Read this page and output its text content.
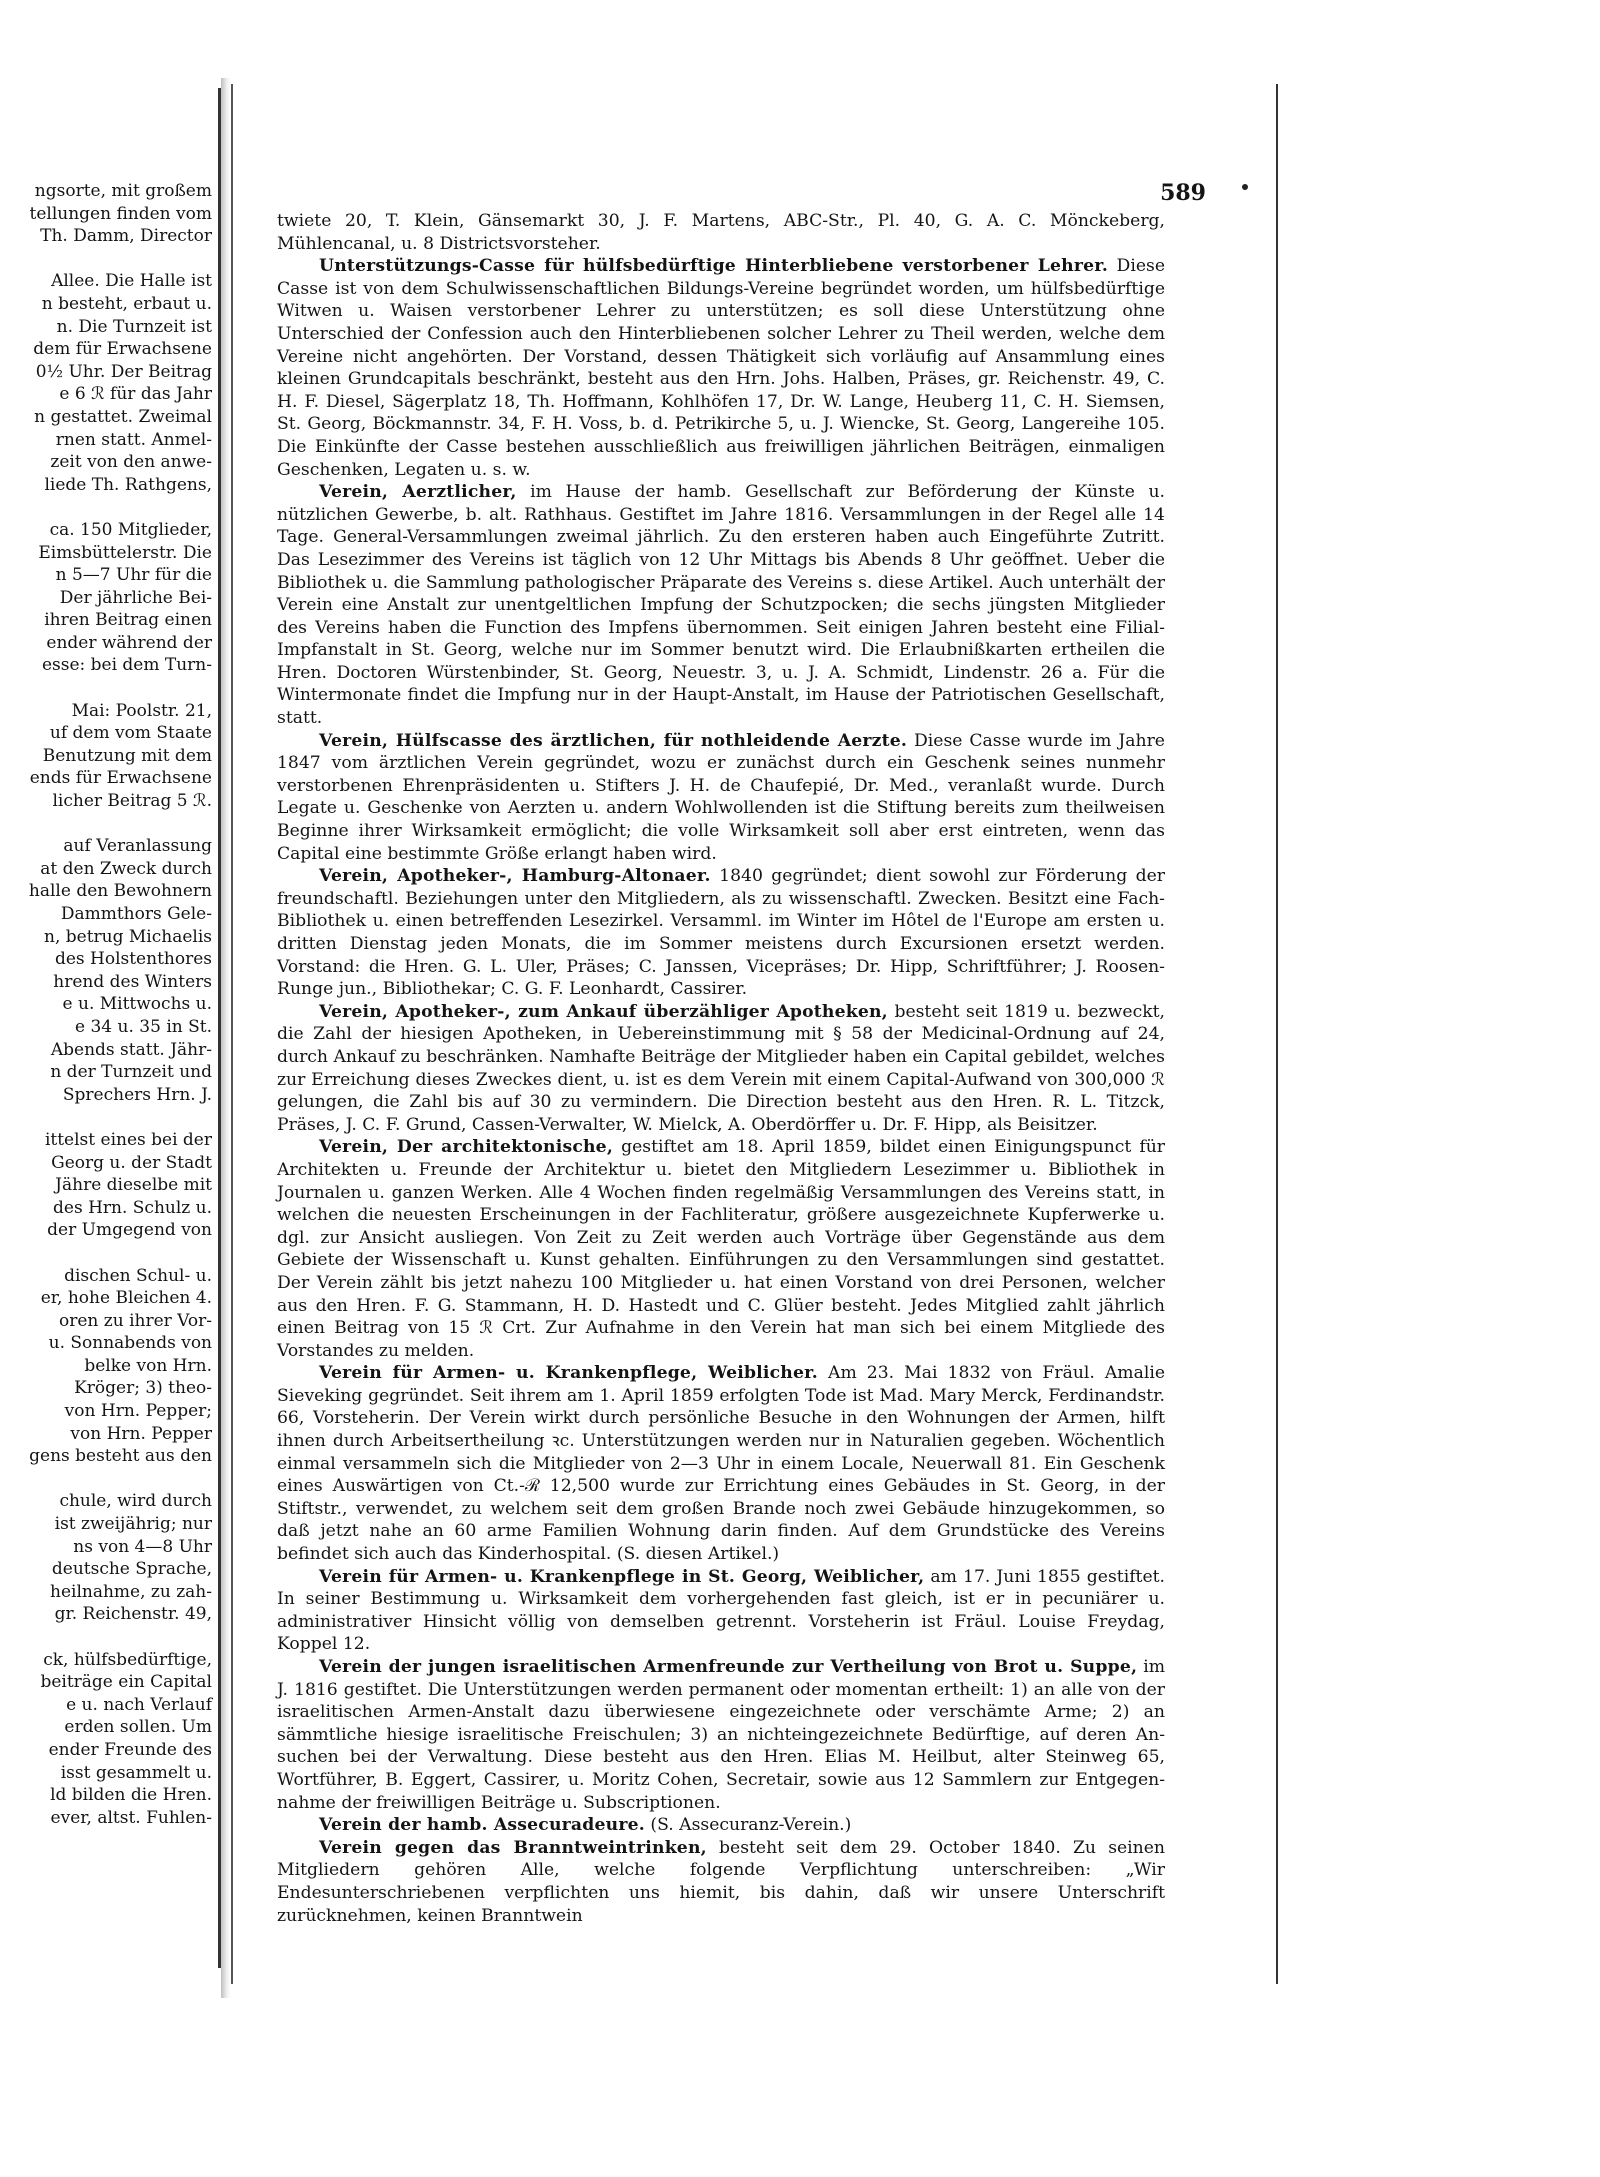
ngsorte, mit großem
tellungen finden vom
Th. Damm, Director
Allee. Die Halle ist
n besteht, erbaut u.
n. Die Turnzeit ist
dem für Erwachsene
0½ Uhr. Der Beitrag
e 6 ℛ für das Jahr
n gestattet. Zweimal
rnen statt. Anmel-
zeit von den anwe-
liede Th. Rathgens,
ca. 150 Mitglieder,
Eimsbüttelerstr. Die
n 5—7 Uhr für die
Der jährliche Bei-
ihren Beitrag einen
ender während der
esse: bei dem Turn-
Mai: Poolstr. 21,
uf dem vom Staate
Benutzung mit dem
ends für Erwachsene
licher Beitrag 5 ℛ.
auf Veranlassung
at den Zweck durch
halle den Bewohnern
Dammthors Gele-
n, betrug Michaelis
des Holstenthores
hrend des Winters
e u. Mittwochs u.
e 34 u. 35 in St.
Abends statt. Jähr-
n der Turnzeit und
Sprechers Hrn. J.
ittelst eines bei der
Georg u. der Stadt
Jähre dieselbe mit
des Hrn. Schulz u.
der Umgegend von
dischen Schul- u.
er, hohe Bleichen 4.
oren zu ihrer Vor-
u. Sonnabends von
belke von Hrn.
Kröger; 3) theo-
von Hrn. Pepper;
von Hrn. Pepper
gens besteht aus den
chule, wird durch
ist zweijährig; nur
ns von 4—8 Uhr
deutsche Sprache,
heilnahme, zu zah-
gr. Reichenstr. 49,
ck, hülfsbedürftige,
beiträge ein Capital
e u. nach Verlauf
erden sollen. Um
ender Freunde des
isst gesammelt u.
ld bilden die Hren.
ever, altst. Fuhlen-
589

twiete 20, T. Klein, Gänsemarkt 30, J. F. Martens, ABC-Str., Pl. 40, G. A. C. Mönckeberg, Mühlencanal, u. 8 Districtsvorsteher.

Unterstützungs-Casse für hülfsbedürftige Hinterbliebene verstorbener Lehrer. Diese Casse ist von dem Schulwissenschaftlichen Bildungs-Vereine begründet worden, um hülfsbedürftige Witwen u. Waisen verstorbener Lehrer zu unterstützen; es soll diese Unterstützung ohne Unterschied der Confession auch den Hinterbliebenen solcher Lehrer zu Theil werden, welche dem Vereine nicht angehörten. Der Vorstand, dessen Thätigkeit sich vorläufig auf Ansammlung eines kleinen Grundcapitals beschränkt, besteht aus den Hrn. Johs. Halben, Präses, gr. Reichenstr. 49, C. H. F. Diesel, Sägerplatz 18, Th. Hoffmann, Kohlhöfen 17, Dr. W. Lange, Heuberg 11, C. H. Siemsen, St. Georg, Böckmannstr. 34, F. H. Voss, b. d. Petrikirche 5, u. J. Wiencke, St. Georg, Langereihe 105. Die Einkünfte der Casse bestehen ausschließlich aus freiwilligen jährlichen Beiträgen, einmaligen Geschenken, Legaten u. s. w.

Verein, Aerztlicher, im Hause der hamb. Gesellschaft zur Beförderung der Künste u. nützlichen Gewerbe, b. alt. Rathhaus. Gestiftet im Jahre 1816. Versammlungen in der Regel alle 14 Tage. General-Versammlungen zweimal jährlich. Zu den ersteren haben auch Eingeführte Zutritt. Das Lesezimmer des Vereins ist täglich von 12 Uhr Mittags bis Abends 8 Uhr geöffnet. Ueber die Bibliothek u. die Sammlung pathologischer Präparate des Vereins s. diese Artikel. Auch unterhält der Verein eine Anstalt zur unentgeltlichen Impfung der Schutzpocken; die sechs jüngsten Mitglieder des Vereins haben die Function des Impfens übernommen. Seit einigen Jahren besteht eine Filial-Impfanstalt in St. Georg, welche nur im Sommer benutzt wird. Die Erlaubnißkarten ertheilen die Hren. Doctoren Würstenbinder, St. Georg, Neuestr. 3, u. J. A. Schmidt, Lindenstr. 26 a. Für die Wintermonate findet die Impfung nur in der Haupt-Anstalt, im Hause der Patriotischen Gesellschaft, statt.

Verein, Hülfscasse des ärztlichen, für nothleidende Aerzte. Diese Casse wurde im Jahre 1847 vom ärztlichen Verein gegründet, wozu er zunächst durch ein Geschenk seines nunmehr verstorbenen Ehrenpräsidenten u. Stifters J. H. de Chaufepié, Dr. Med., veranlaßt wurde. Durch Legate u. Geschenke von Aerzten u. andern Wohlwollenden ist die Stiftung bereits zum theilweisen Beginne ihrer Wirksamkeit ermöglicht; die volle Wirksamkeit soll aber erst eintreten, wenn das Capital eine bestimmte Größe erlangt haben wird.

Verein, Apotheker-, Hamburg-Altonaer. 1840 gegründet; dient sowohl zur Förderung der freundschaftl. Beziehungen unter den Mitgliedern, als zu wissenschaftl. Zwecken. Besitzt eine Fach-Bibliothek u. einen betreffenden Lesezirkel. Versamml. im Winter im Hôtel de l'Europe am ersten u. dritten Dienstag jeden Monats, die im Sommer meistens durch Excursionen ersetzt werden. Vorstand: die Hren. G. L. Uler, Präses; C. Janssen, Vicepräses; Dr. Hipp, Schriftführer; J. Roosen-Runge jun., Bibliothekar; C. G. F. Leonhardt, Cassirer.

Verein, Apotheker-, zum Ankauf überzähliger Apotheken, besteht seit 1819 u. bezweckt, die Zahl der hiesigen Apotheken, in Uebereinstimmung mit § 58 der Medicinal-Ordnung auf 24, durch Ankauf zu beschränken. Namhafte Beiträge der Mitglieder haben ein Capital gebildet, welches zur Erreichung dieses Zweckes dient, u. ist es dem Verein mit einem Capital-Aufwand von 300,000 ℛ gelungen, die Zahl bis auf 30 zu vermindern. Die Direction besteht aus den Hren. R. L. Titzck, Präses, J. C. F. Grund, Cassen-Verwalter, W. Mielck, A. Oberdörffer u. Dr. F. Hipp, als Beisitzer.

Verein, Der architektonische, gestiftet am 18. April 1859, bildet einen Einigungspunct für Architekten u. Freunde der Architektur u. bietet den Mitgliedern Lesezimmer u. Bibliothek in Journalen u. ganzen Werken. Alle 4 Wochen finden regelmäßig Versammlungen des Vereins statt, in welchen die neuesten Erscheinungen in der Fachliteratur, größere ausgezeichnete Kupferwerke u. dgl. zur Ansicht ausliegen. Von Zeit zu Zeit werden auch Vorträge über Gegenstände aus dem Gebiete der Wissenschaft u. Kunst gehalten. Einführungen zu den Versammlungen sind gestattet. Der Verein zählt bis jetzt nahezu 100 Mitglieder u. hat einen Vorstand von drei Personen, welcher aus den Hren. F. G. Stammann, H. D. Hastedt und C. Glüer besteht. Jedes Mitglied zahlt jährlich einen Beitrag von 15 ℛ Crt. Zur Aufnahme in den Verein hat man sich bei einem Mitgliede des Vorstandes zu melden.

Verein für Armen- u. Krankenpflege, Weiblicher. Am 23. Mai 1832 von Fräul. Amalie Sieveking gegründet. Seit ihrem am 1. April 1859 erfolgten Tode ist Mad. Mary Merck, Ferdinandstr. 66, Vorsteherin. Der Verein wirkt durch persönliche Besuche in den Wohnungen der Armen, hilft ihnen durch Arbeitsertheilung ꝛc. Unterstützungen werden nur in Naturalien gegeben. Wöchentlich einmal versammeln sich die Mitglieder von 2—3 Uhr in einem Locale, Neuerwall 81. Ein Geschenk eines Auswärtigen von Ct.-ℛ 12,500 wurde zur Errichtung eines Gebäudes in St. Georg, in der Stiftstr., verwendet, zu welchem seit dem großen Brande noch zwei Gebäude hinzugekommen, so daß jetzt nahe an 60 arme Familien Wohnung darin finden. Auf dem Grundstücke des Vereins befindet sich auch das Kinderhospital. (S. diesen Artikel.)

Verein für Armen- u. Krankenpflege in St. Georg, Weiblicher, am 17. Juni 1855 gestiftet. In seiner Bestimmung u. Wirksamkeit dem vorhergehenden fast gleich, ist er in pecuniärer u. administrativer Hinsicht völlig von demselben getrennt. Vorsteherin ist Fräul. Louise Freydag, Koppel 12.

Verein der jungen israelitischen Armenfreunde zur Vertheilung von Brot u. Suppe, im J. 1816 gestiftet. Die Unterstützungen werden permanent oder momentan ertheilt: 1) an alle von der israelitischen Armen-Anstalt dazu überwiesene eingezeichnete oder verschämte Arme; 2) an sämmtliche hiesige israelitische Freischulen; 3) an nichteingezeichnete Bedürftige, auf deren Ansuchen bei der Verwaltung. Diese besteht aus den Hren. Elias M. Heilbut, alter Steinweg 65, Wortführer, B. Eggert, Cassirer, u. Moritz Cohen, Secretair, sowie aus 12 Sammlern zur Entgegennahme der freiwilligen Beiträge u. Subscriptionen.

Verein der hamb. Assecuradeure. (S. Assecuranz-Verein.)

Verein gegen das Branntweintrinken, besteht seit dem 29. October 1840. Zu seinen Mitgliedern gehören Alle, welche folgende Verpflichtung unterschreiben: „Wir Endesunterschriebenen verpflichten uns hiemit, bis dahin, daß wir unsere Unterschrift zurücknehmen, keinen Branntwein
